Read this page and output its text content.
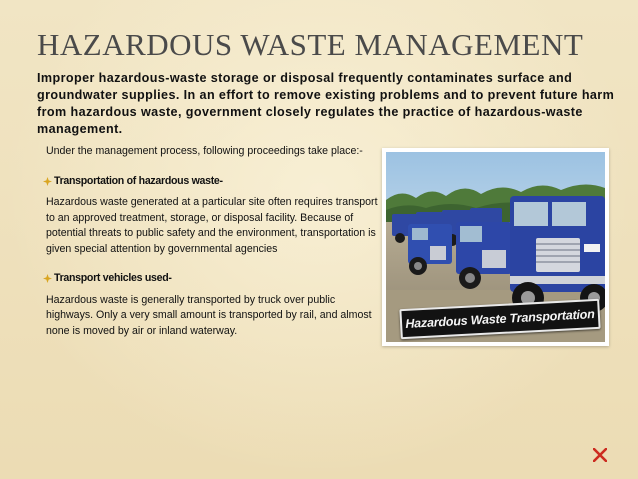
HAZARDOUS WASTE MANAGEMENT

Improper hazardous-waste storage or disposal frequently contaminates surface and groundwater supplies. In an effort to remove existing problems and to prevent future harm from hazardous waste, government closely regulates the practice of hazardous-waste management.

Under the management process, following proceedings take place:-

Transportation of hazardous waste-

Hazardous waste generated at a particular site often requires transport to an approved treatment, storage, or disposal facility. Because of potential threats to public safety and the environment, transportation is given special attention by governmental agencies

Transport vehicles used-

Hazardous waste is generally transported by truck over public highways. Only a very small amount is transported by rail, and almost none is moved by air or inland waterway.	Hazardous Waste Transportation
